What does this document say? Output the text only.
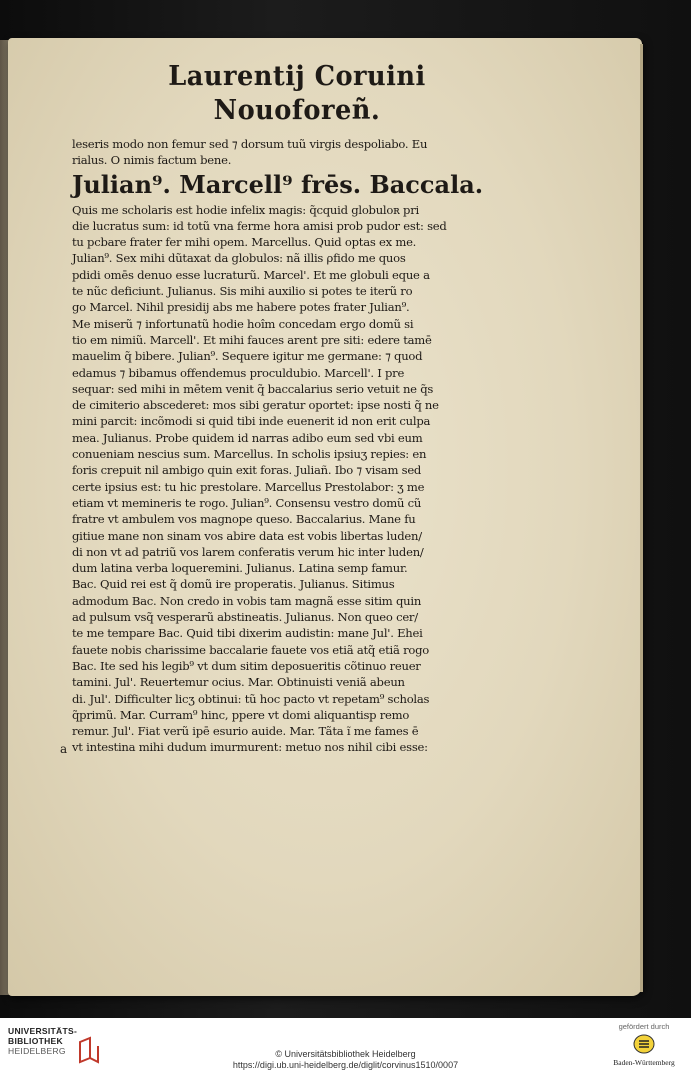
Laurentij Coruini Nouoforeñ.
leseris modo non femur sed ⁊ dorsum tuũ virgis despoliabo. Eu
rialus. O nimis factum bene.
Julian⁹. Marcell⁹ frēs. Baccala.
Quis me scholaris est hodie infelix magis: q̃cquid globuloʀ pri
die lucratus sum: id totũ vna ferme hora amisi prob pudor est: sed
tu pcbare frater fer mihi opem. Marcellus. Quid optas ex me.
Julian⁹. Sex mihi dũtaxat da globulos: nã illis ρfido me quos
pdidi omēs denuo esse lucraturũ. Marcel'. Et me globuli eque a
te nũc deficiunt. Julianus. Sis mihi auxilio si potes te iterũ ro
go Marcel. Nihil presidij abs me habere potes frater Julian⁹.
Me miserũ ⁊ infortunatũ hodie hoîm concedam ergo domũ si
tio em nimiũ. Marcell'. Et mihi fauces arent pre siti: edere tamē
mauelim q̃ bibere. Julian⁹. Sequere igitur me germane: ⁊ quod
edamus ⁊ bibamus offendemus proculdubio. Marcell'. I pre
sequar: sed mihi in mētem venit q̃ baccalarius serio vetuit ne q̃s
de cimiterio abscederet: mos sibi geratur oportet: ipse nosti q̃ ne
mini parcit: incõmodi si quid tibi inde euenerit id non erit culpa
mea. Julianus. Probe quidem id narras adibo eum sed vbi eum
conueniam nescius sum. Marcellus. In scholis ipsiuʒ repies: en
foris crepuit nil ambigo quin exit foras. Juliañ. Ibo ⁊ visam sed
certe ipsius est: tu hic prestolare. Marcellus Prestolabor: ʒ me
etiam vt memineris te rogo. Julian⁹. Consensu vestro domũ cũ
fratre vt ambulem vos magnope queso. Baccalarius. Mane fu
gitiue mane non sinam vos abire data est vobis libertas luden/
di non vt ad patriũ vos larem conferatis verum hic inter luden/
dum latina verba loqueremini. Julianus. Latina semp famur.
Bac. Quid rei est q̃ domũ ire properatis. Julianus. Sitimus
admodum Bac. Non credo in vobis tam magnã esse sitim quin
ad pulsum vsq̃ vesperarũ abstineatis. Julianus. Non queo cer/
te me tempare Bac. Quid tibi dixerim audistin: mane Jul'. Ehei
fauete nobis charissime baccalarie fauete vos etiã atq̃ etiã rogo
Bac. Ite sed his legib⁹ vt dum sitim deposueritis cõtinuo reuer
tamini. Jul'. Reuertemur ocius. Mar. Obtinuisti veniã abeun
di. Jul'. Difficulter licʒ obtinui: tũ hoc pacto vt repetam⁹ scholas
q̃primũ. Mar. Curram⁹ hinc, ppere vt domi aliquantisp remo
remur. Jul'. Fiat verũ ipē esurio auide. Mar. Tãta ĩ me fames ē
vt intestina mihi dudum imurmurent: metuo nos nihil cibi esse:
a
UNIVERSITÄTS-
BIBLIOTHEK
HEIDELBERG	© Universitätsbibliothek Heidelberg
https://digi.ub.uni-heidelberg.de/diglit/corvinus1510/0007
gefördert durch
Baden-Württemberg
